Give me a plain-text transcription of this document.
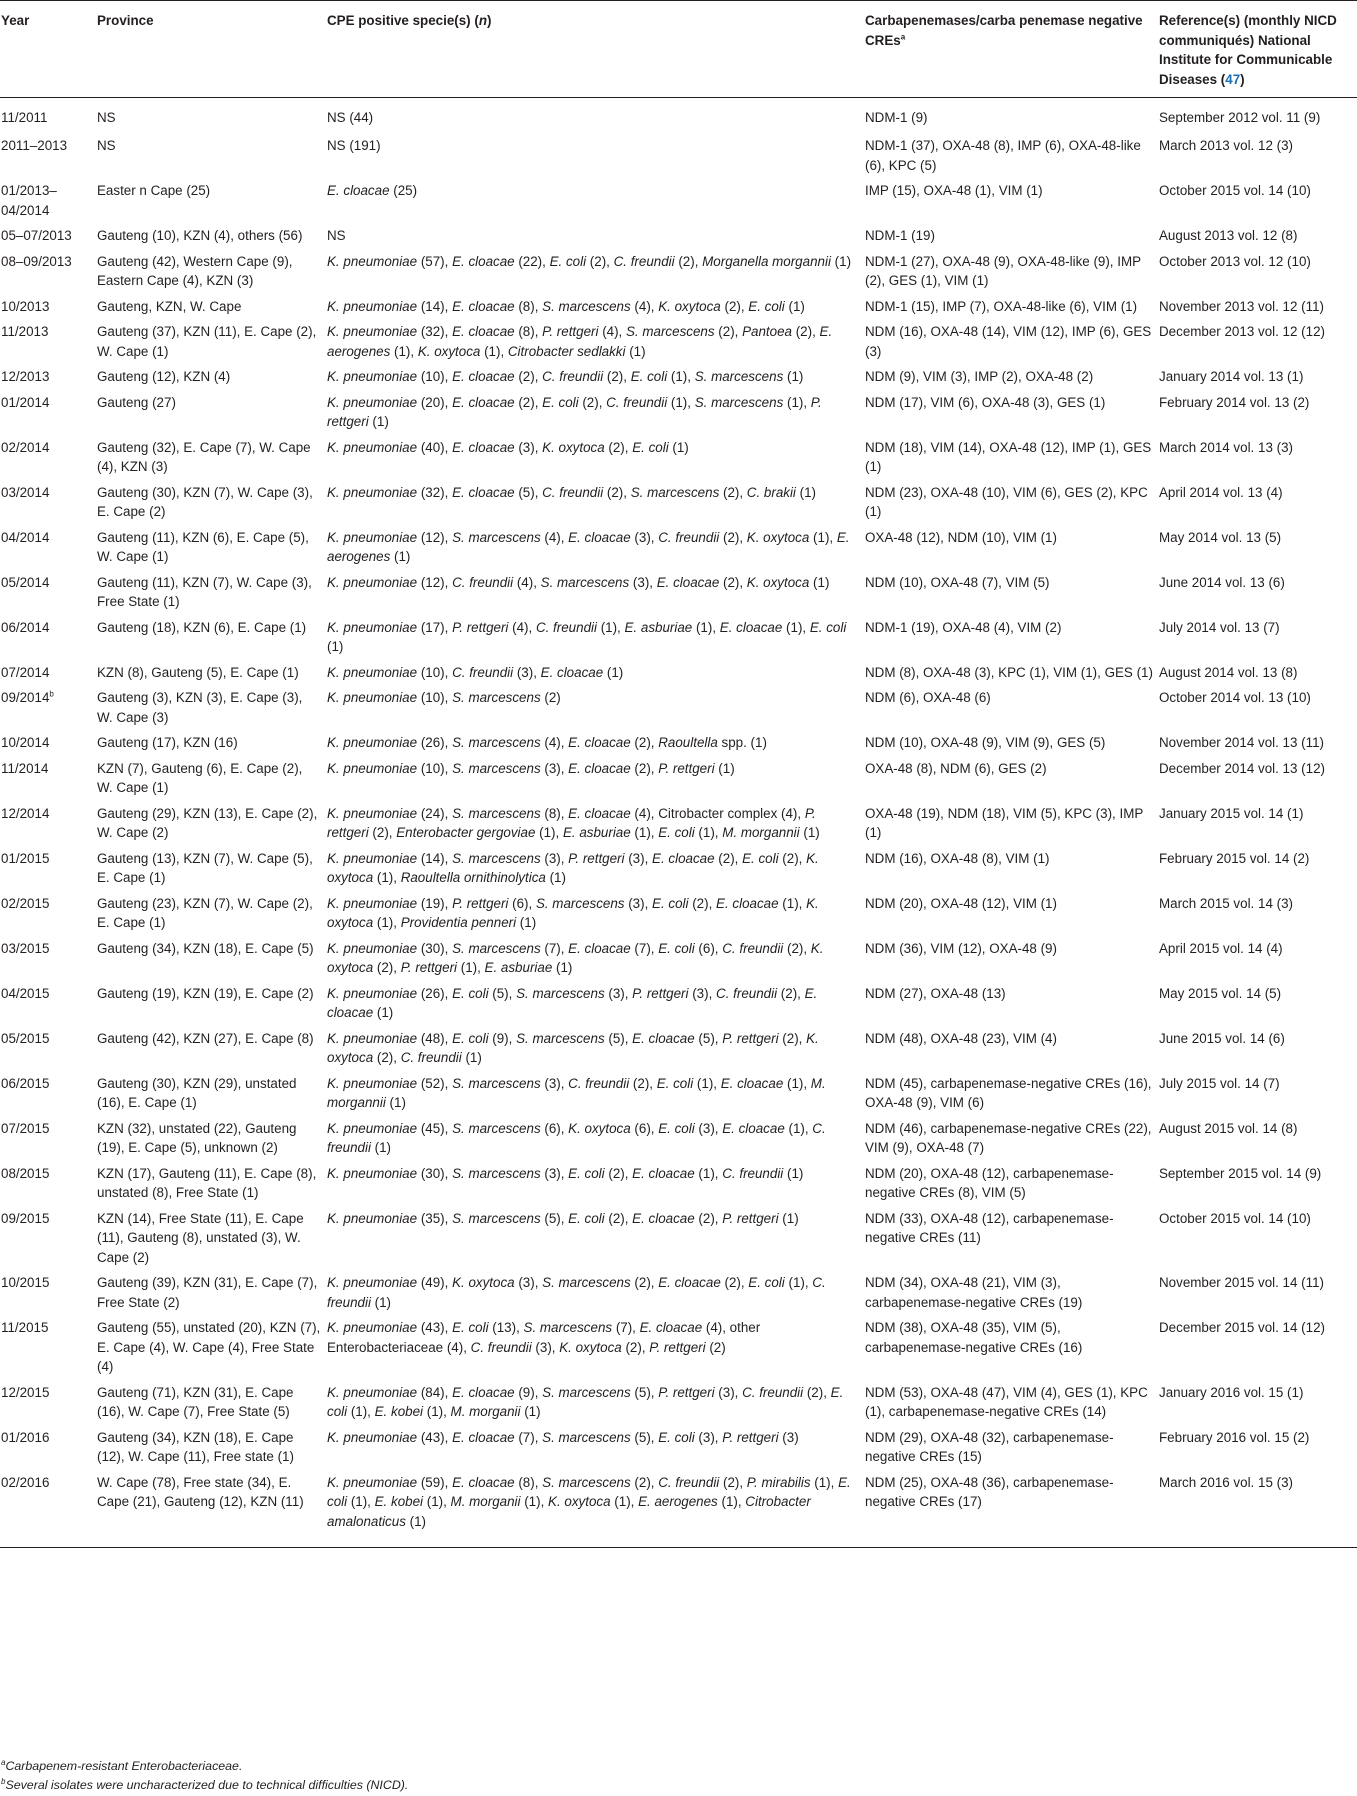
Year	Province	CPE positive specie(s) (n)	Carbapenemases/carba penemase negative CREs$^a$	Reference(s) (monthly NICD communiqués) National Institute for Communicable Diseases (47)
11/2011	NS	NS (44)	NDM-1 (9)	September 2012 vol. 11 (9)
2011–2013	NS	NS (191)	NDM-1 (37), OXA-48 (8), IMP (6), OXA-48-like (6), KPC (5)	March 2013 vol. 12 (3)
01/2013–04/2014	Easter n Cape (25)	E. cloacae (25)	IMP (15), OXA-48 (1), VIM (1)	October 2015 vol. 14 (10)
05–07/2013	Gauteng (10), KZN (4), others (56)	NS	NDM-1 (19)	August 2013 vol. 12 (8)
08–09/2013	Gauteng (42), Western Cape (9), Eastern Cape (4), KZN (3)	K. pneumoniae (57), E. cloacae (22), E. coli (2), C. freundii (2), Morganella morgannii (1)	NDM-1 (27), OXA-48 (9), OXA-48-like (9), IMP (2), GES (1), VIM (1)	October 2013 vol. 12 (10)
10/2013	Gauteng, KZN, W. Cape	K. pneumoniae (14), E. cloacae (8), S. marcescens (4), K. oxytoca (2), E. coli (1)	NDM-1 (15), IMP (7), OXA-48-like (6), VIM (1)	November 2013 vol. 12 (11)
11/2013	Gauteng (37), KZN (11), E. Cape (2), W. Cape (1)	K. pneumoniae (32), E. cloacae (8), P. rettgeri (4), S. marcescens (2), Pantoea (2), E. aerogenes (1), K. oxytoca (1), Citrobacter sedlakki (1)	NDM (16), OXA-48 (14), VIM (12), IMP (6), GES (3)	December 2013 vol. 12 (12)
12/2013	Gauteng (12), KZN (4)	K. pneumoniae (10), E. cloacae (2), C. freundii (2), E. coli (1), S. marcescens (1)	NDM (9), VIM (3), IMP (2), OXA-48 (2)	January 2014 vol. 13 (1)
01/2014	Gauteng (27)	K. pneumoniae (20), E. cloacae (2), E. coli (2), C. freundii (1), S. marcescens (1), P. rettgeri (1)	NDM (17), VIM (6), OXA-48 (3), GES (1)	February 2014 vol. 13 (2)
02/2014	Gauteng (32), E. Cape (7), W. Cape (4), KZN (3)	K. pneumoniae (40), E. cloacae (3), K. oxytoca (2), E. coli (1)	NDM (18), VIM (14), OXA-48 (12), IMP (1), GES (1)	March 2014 vol. 13 (3)
03/2014	Gauteng (30), KZN (7), W. Cape (3), E. Cape (2)	K. pneumoniae (32), E. cloacae (5), C. freundii (2), S. marcescens (2), C. brakii (1)	NDM (23), OXA-48 (10), VIM (6), GES (2), KPC (1)	April 2014 vol. 13 (4)
04/2014	Gauteng (11), KZN (6), E. Cape (5), W. Cape (1)	K. pneumoniae (12), S. marcescens (4), E. cloacae (3), C. freundii (2), K. oxytoca (1), E. aerogenes (1)	OXA-48 (12), NDM (10), VIM (1)	May 2014 vol. 13 (5)
05/2014	Gauteng (11), KZN (7), W. Cape (3), Free State (1)	K. pneumoniae (12), C. freundii (4), S. marcescens (3), E. cloacae (2), K. oxytoca (1)	NDM (10), OXA-48 (7), VIM (5)	June 2014 vol. 13 (6)
06/2014	Gauteng (18), KZN (6), E. Cape (1)	K. pneumoniae (17), P. rettgeri (4), C. freundii (1), E. asburiae (1), E. cloacae (1), E. coli (1)	NDM-1 (19), OXA-48 (4), VIM (2)	July 2014 vol. 13 (7)
07/2014	KZN (8), Gauteng (5), E. Cape (1)	K. pneumoniae (10), C. freundii (3), E. cloacae (1)	NDM (8), OXA-48 (3), KPC (1), VIM (1), GES (1)	August 2014 vol. 13 (8)
09/2014$^b$	Gauteng (3), KZN (3), E. Cape (3), W. Cape (3)	K. pneumoniae (10), S. marcescens (2)	NDM (6), OXA-48 (6)	October 2014 vol. 13 (10)
10/2014	Gauteng (17), KZN (16)	K. pneumoniae (26), S. marcescens (4), E. cloacae (2), Raoultella spp. (1)	NDM (10), OXA-48 (9), VIM (9), GES (5)	November 2014 vol. 13 (11)
11/2014	KZN (7), Gauteng (6), E. Cape (2), W. Cape (1)	K. pneumoniae (10), S. marcescens (3), E. cloacae (2), P. rettgeri (1)	OXA-48 (8), NDM (6), GES (2)	December 2014 vol. 13 (12)
12/2014	Gauteng (29), KZN (13), E. Cape (2), W. Cape (2)	K. pneumoniae (24), S. marcescens (8), E. cloacae (4), Citrobacter complex (4), P. rettgeri (2), Enterobacter gergoviae (1), E. asburiae (1), E. coli (1), M. morgannii (1)	OXA-48 (19), NDM (18), VIM (5), KPC (3), IMP (1)	January 2015 vol. 14 (1)
01/2015	Gauteng (13), KZN (7), W. Cape (5), E. Cape (1)	K. pneumoniae (14), S. marcescens (3), P. rettgeri (3), E. cloacae (2), E. coli (2), K. oxytoca (1), Raoultella ornithinolytica (1)	NDM (16), OXA-48 (8), VIM (1)	February 2015 vol. 14 (2)
02/2015	Gauteng (23), KZN (7), W. Cape (2), E. Cape (1)	K. pneumoniae (19), P. rettgeri (6), S. marcescens (3), E. coli (2), E. cloacae (1), K. oxytoca (1), Providentia penneri (1)	NDM (20), OXA-48 (12), VIM (1)	March 2015 vol. 14 (3)
03/2015	Gauteng (34), KZN (18), E. Cape (5)	K. pneumoniae (30), S. marcescens (7), E. cloacae (7), E. coli (6), C. freundii (2), K. oxytoca (2), P. rettgeri (1), E. asburiae (1)	NDM (36), VIM (12), OXA-48 (9)	April 2015 vol. 14 (4)
04/2015	Gauteng (19), KZN (19), E. Cape (2)	K. pneumoniae (26), E. coli (5), S. marcescens (3), P. rettgeri (3), C. freundii (2), E. cloacae (1)	NDM (27), OXA-48 (13)	May 2015 vol. 14 (5)
05/2015	Gauteng (42), KZN (27), E. Cape (8)	K. pneumoniae (48), E. coli (9), S. marcescens (5), E. cloacae (5), P. rettgeri (2), K. oxytoca (2), C. freundii (1)	NDM (48), OXA-48 (23), VIM (4)	June 2015 vol. 14 (6)
06/2015	Gauteng (30), KZN (29), unstated (16), E. Cape (1)	K. pneumoniae (52), S. marcescens (3), C. freundii (2), E. coli (1), E. cloacae (1), M. morgannii (1)	NDM (45), carbapenemase-negative CREs (16), OXA-48 (9), VIM (6)	July 2015 vol. 14 (7)
07/2015	KZN (32), unstated (22), Gauteng (19), E. Cape (5), unknown (2)	K. pneumoniae (45), S. marcescens (6), K. oxytoca (6), E. coli (3), E. cloacae (1), C. freundii (1)	NDM (46), carbapenemase-negative CREs (22), VIM (9), OXA-48 (7)	August 2015 vol. 14 (8)
08/2015	KZN (17), Gauteng (11), E. Cape (8), unstated (8), Free State (1)	K. pneumoniae (30), S. marcescens (3), E. coli (2), E. cloacae (1), C. freundii (1)	NDM (20), OXA-48 (12), carbapenemase-negative CREs (8), VIM (5)	September 2015 vol. 14 (9)
09/2015	KZN (14), Free State (11), E. Cape (11), Gauteng (8), unstated (3), W. Cape (2)	K. pneumoniae (35), S. marcescens (5), E. coli (2), E. cloacae (2), P. rettgeri (1)	NDM (33), OXA-48 (12), carbapenemase-negative CREs (11)	October 2015 vol. 14 (10)
10/2015	Gauteng (39), KZN (31), E. Cape (7), Free State (2)	K. pneumoniae (49), K. oxytoca (3), S. marcescens (2), E. cloacae (2), E. coli (1), C. freundii (1)	NDM (34), OXA-48 (21), VIM (3), carbapenemase-negative CREs (19)	November 2015 vol. 14 (11)
11/2015	Gauteng (55), unstated (20), KZN (7), E. Cape (4), W. Cape (4), Free State (4)	K. pneumoniae (43), E. coli (13), S. marcescens (7), E. cloacae (4), other Enterobacteriaceae (4), C. freundii (3), K. oxytoca (2), P. rettgeri (2)	NDM (38), OXA-48 (35), VIM (5), carbapenemase-negative CREs (16)	December 2015 vol. 14 (12)
12/2015	Gauteng (71), KZN (31), E. Cape (16), W. Cape (7), Free State (5)	K. pneumoniae (84), E. cloacae (9), S. marcescens (5), P. rettgeri (3), C. freundii (2), E. coli (1), E. kobei (1), M. morganii (1)	NDM (53), OXA-48 (47), VIM (4), GES (1), KPC (1), carbapenemase-negative CREs (14)	January 2016 vol. 15 (1)
01/2016	Gauteng (34), KZN (18), E. Cape (12), W. Cape (11), Free state (1)	K. pneumoniae (43), E. cloacae (7), S. marcescens (5), E. coli (3), P. rettgeri (3)	NDM (29), OXA-48 (32), carbapenemase-negative CREs (15)	February 2016 vol. 15 (2)
02/2016	W. Cape (78), Free state (34), E. Cape (21), Gauteng (12), KZN (11)	K. pneumoniae (59), E. cloacae (8), S. marcescens (2), C. freundii (2), P. mirabilis (1), E. coli (1), E. kobei (1), M. morganii (1), K. oxytoca (1), E. aerogenes (1), Citrobacter amalonaticus (1)	NDM (25), OXA-48 (36), carbapenemase-negative CREs (17)	March 2016 vol. 15 (3)
$^a$Carbapenem-resistant Enterobacteriaceae.
$^b$Several isolates were uncharacterized due to technical difficulties (NICD).
